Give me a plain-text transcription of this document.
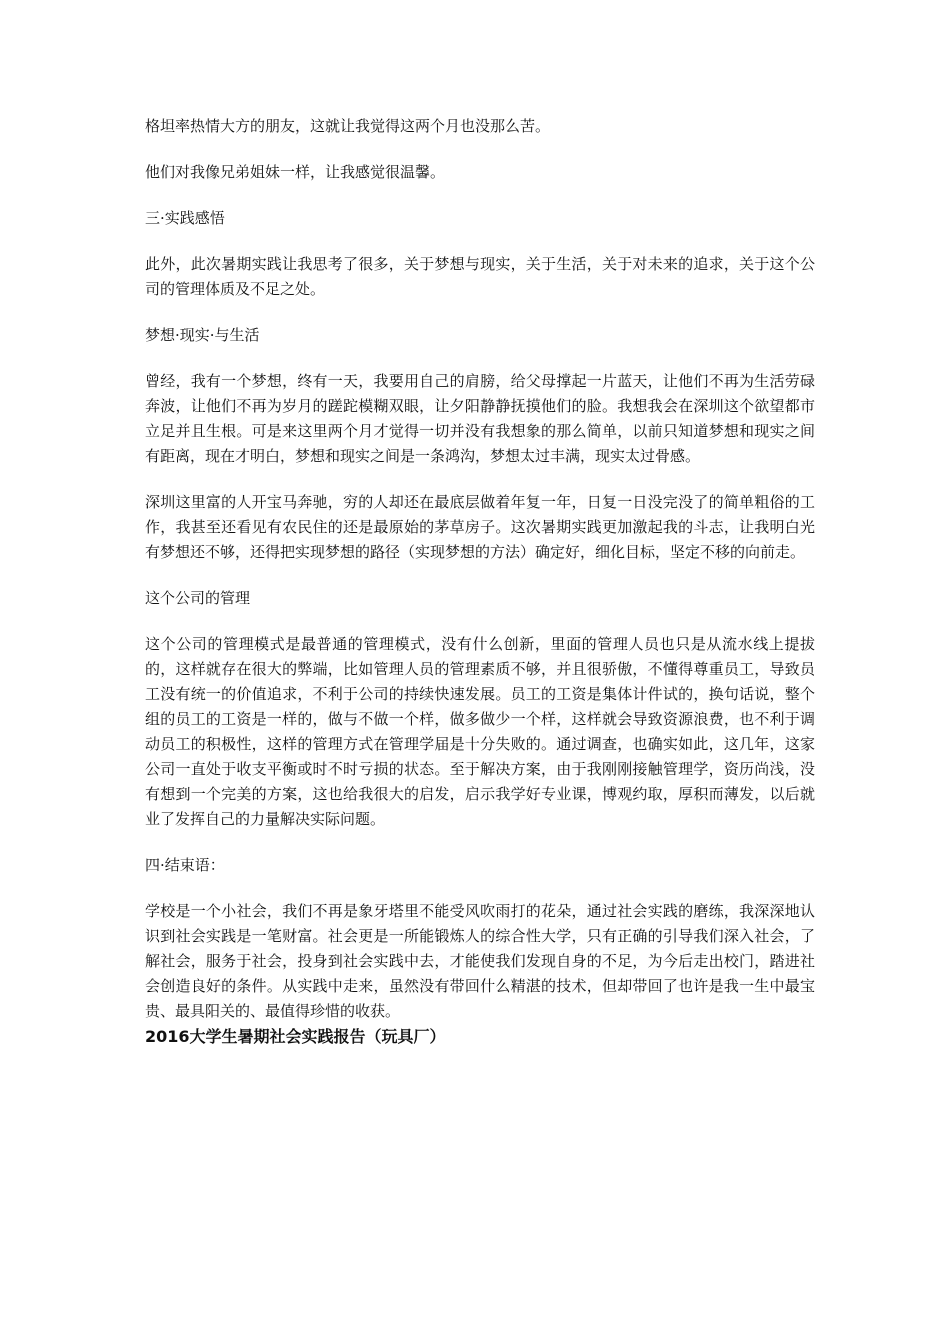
格坦率热情大方的朋友，这就让我觉得这两个月也没那么苦。

他们对我像兄弟姐妹一样，让我感觉很温馨。

三·实践感悟

此外，此次暑期实践让我思考了很多，关于梦想与现实，关于生活，关于对未来的追求，关于这个公司的管理体质及不足之处。

梦想·现实·与生活

曾经，我有一个梦想，终有一天，我要用自己的肩膀，给父母撑起一片蓝天，让他们不再为生活劳碌奔波，让他们不再为岁月的蹉跎模糊双眼，让夕阳静静抚摸他们的脸。我想我会在深圳这个欲望都市立足并且生根。可是来这里两个月才觉得一切并没有我想象的那么简单，以前只知道梦想和现实之间有距离，现在才明白，梦想和现实之间是一条鸿沟，梦想太过丰满，现实太过骨感。

深圳这里富的人开宝马奔驰，穷的人却还在最底层做着年复一年，日复一日没完没了的简单粗俗的工作，我甚至还看见有农民住的还是最原始的茅草房子。这次暑期实践更加激起我的斗志，让我明白光有梦想还不够，还得把实现梦想的路径（实现梦想的方法）确定好，细化目标，坚定不移的向前走。

这个公司的管理

这个公司的管理模式是最普通的管理模式，没有什么创新，里面的管理人员也只是从流水线上提拔的，这样就存在很大的弊端，比如管理人员的管理素质不够，并且很骄傲，不懂得尊重员工，导致员工没有统一的价值追求，不利于公司的持续快速发展。员工的工资是集体计件试的，换句话说，整个组的员工的工资是一样的，做与不做一个样，做多做少一个样，这样就会导致资源浪费，也不利于调动员工的积极性，这样的管理方式在管理学届是十分失败的。通过调查，也确实如此，这几年，这家公司一直处于收支平衡或时不时亏损的状态。至于解决方案，由于我刚刚接触管理学，资历尚浅，没有想到一个完美的方案，这也给我很大的启发，启示我学好专业课，博观约取，厚积而薄发，以后就业了发挥自己的力量解决实际问题。

四·结束语：

学校是一个小社会，我们不再是象牙塔里不能受风吹雨打的花朵，通过社会实践的磨练，我深深地认识到社会实践是一笔财富。社会更是一所能锻炼人的综合性大学，只有正确的引导我们深入社会，了解社会，服务于社会，投身到社会实践中去，才能使我们发现自身的不足，为今后走出校门，踏进社会创造良好的条件。从实践中走来，虽然没有带回什么精湛的技术，但却带回了也许是我一生中最宝贵、最具阳关的、最值得珍惜的收获。

2016大学生暑期社会实践报告（玩具厂）
